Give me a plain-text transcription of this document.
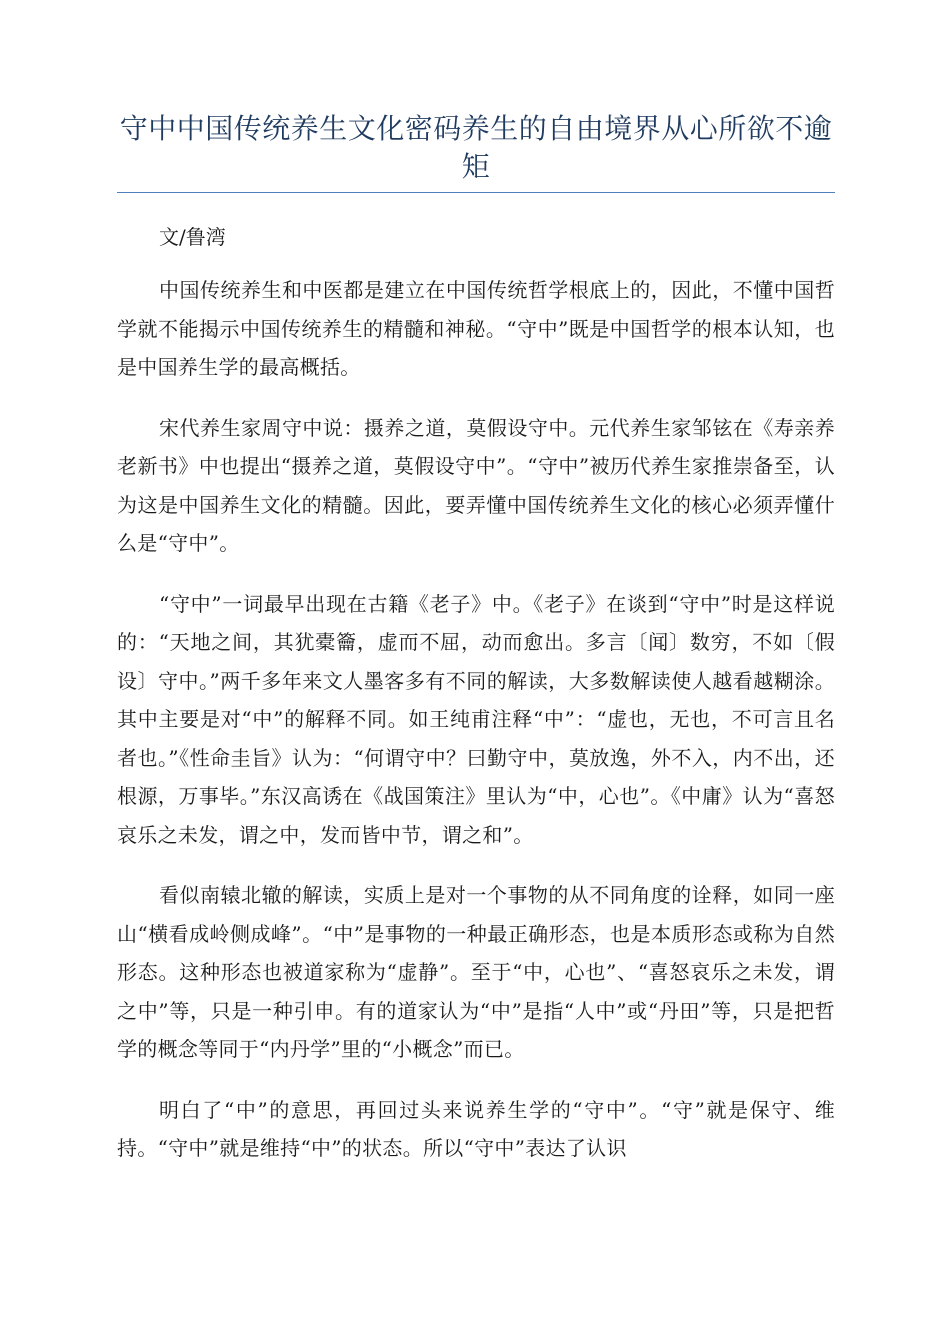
守中中国传统养生文化密码养生的自由境界从心所欲不逾矩

文/鲁湾

中国传统养生和中医都是建立在中国传统哲学根底上的，因此，不懂中国哲学就不能揭示中国传统养生的精髓和神秘。“守中”既是中国哲学的根本认知，也是中国养生学的最高概括。

宋代养生家周守中说：摄养之道，莫假设守中。元代养生家邹铉在《寿亲养老新书》中也提出“摄养之道，莫假设守中”。“守中”被历代养生家推崇备至，认为这是中国养生文化的精髓。因此，要弄懂中国传统养生文化的核心必须弄懂什么是“守中”。

“守中”一词最早出现在古籍《老子》中。《老子》在谈到“守中”时是这样说的：“天地之间，其犹橐籥，虚而不屈，动而愈出。多言〔闻〕数穷，不如〔假设〕守中。”两千多年来文人墨客多有不同的解读，大多数解读使人越看越糊涂。其中主要是对“中”的解释不同。如王纯甫注释“中”：“虚也，无也，不可言且名者也。”《性命圭旨》认为：“何谓守中？曰勤守中，莫放逸，外不入，内不出，还根源，万事毕。”东汉高诱在《战国策注》里认为“中，心也”。《中庸》认为“喜怒哀乐之未发，谓之中，发而皆中节，谓之和”。

看似南辕北辙的解读，实质上是对一个事物的从不同角度的诠释，如同一座山“横看成岭侧成峰”。“中”是事物的一种最正确形态，也是本质形态或称为自然形态。这种形态也被道家称为“虚静”。至于“中，心也”、“喜怒哀乐之未发，谓之中”等，只是一种引申。有的道家认为“中”是指“人中”或“丹田”等，只是把哲学的概念等同于“内丹学”里的“小概念”而已。

明白了“中”的意思，再回过头来说养生学的“守中”。“守”就是保守、维持。“守中”就是维持“中”的状态。所以“守中”表达了认识
